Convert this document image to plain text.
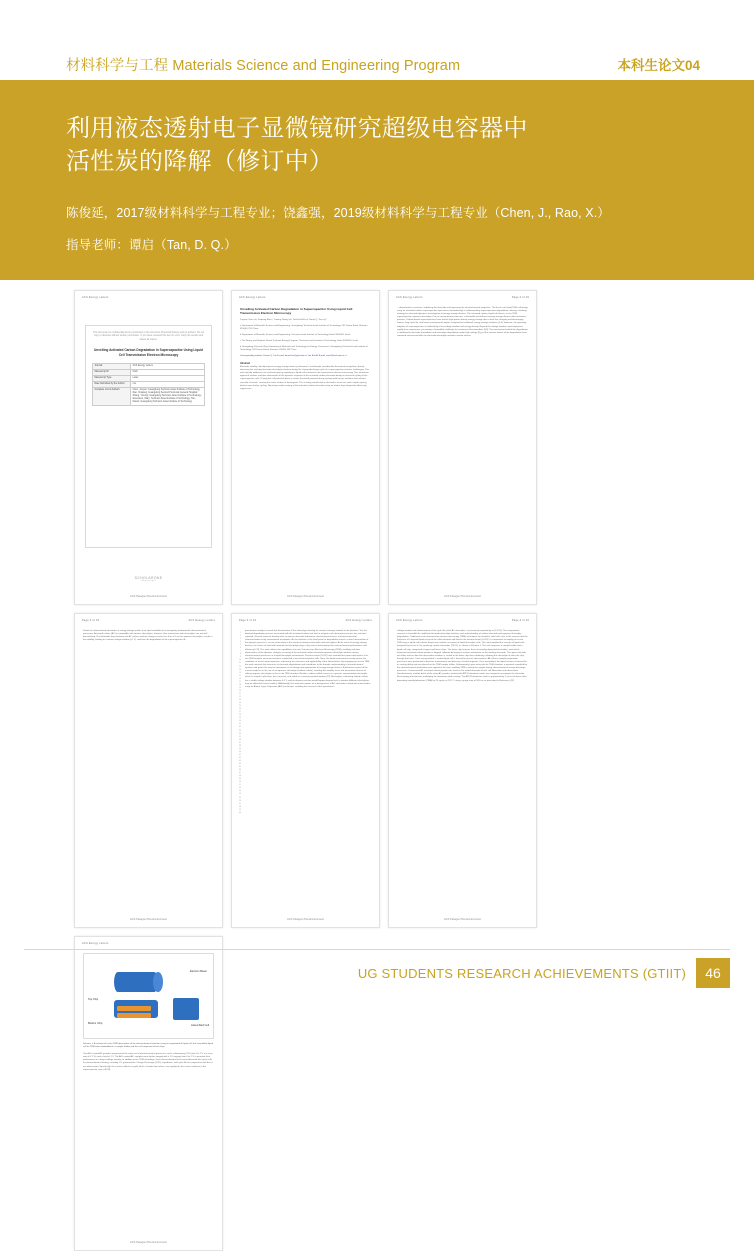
材料科学与工程 Materials Science and Engineering Program	本科生论文04
利用液态透射电子显微镜研究超级电容器中
活性炭的降解（修订中）
陈俊延，2017级材料科学与工程专业；饶鑫强，2019级材料科学与工程专业（Chen, J., Rao, X.）
指导老师：谭启（Tan, D. Q.）
ACS Energy Letters
This document is confidential and is proprietary to the American Chemical Society and its authors. Do not copy or disclose without written permission. If you have received this item in error, notify the sender and delete all copies.
Unveiling Activated Carbon Degradation in Supercapacitor Using Liquid Cell Transmission Electron Microscopy
Journal:	ACS Energy Letters
Manuscript ID	Draft
Manuscript Type:	Letter
Date Submitted by the Author:	n/a
Complete List of Authors:	Chen, Junyan; Guangdong Technion-Israel Institute of Technology, Rao, Xinqiang; Guangdong Second Provincial General Hospital; Zhang, Yuming; Guangdong Technion-Israel Institute of Technology; Eisenstein, Mary; Technion-Israel Institute of Technology; Tan, Daniel; Guangdong Technion-Israel Institute of Technology
SCHOLARONE
Manuscripts
ACS Paragon Plus Environment
ACS Energy Letters
Unveiling Activated Carbon Degradation in Supercapacitor Using Liquid Cell Transmission Electron Microscopy
Junyan Chen a,b, Xinqiang Rao c, Yuming Zhang a,b, Yael Ein-Eli b,d, Daniel Q. Tan a,b,*
a Department of Materials Science and Engineering, Guangdong Technion-Israel Institute of Technology, 241 Daxue Road, Shantou 515063, P.R China
b Department of Materials Science and Engineering, Technion-Israel Institute of Technology, Haifa 3200003, Israel
c The Nancy and Stephen Grand Technion Energy Program, Technion-Israel Institute of Technology, Haifa 3200003, Israel
d Guangdong Provincial Key Laboratory of Materials and Technology for Energy Conversion, Guangdong Technion-Israel Institute of Technology, 241 Daxue Road, Shantou 515063, PR China
Corresponding authors: Daniel Q. Tan E-mail: daniel.tan@gtiit.edu.cn Yair Ein-Eli E-mail: eineli@technion.ac.il
Abstract
Electrode stability critically impacts energy storage device performance, and despite considerable theoretical recognition, directly observing the evolving electrode-electrolyte interface during the charge-discharge cycle of a supercapacitor remains challenging. This work directly addresses the technical gap by employing a liquid cell-assisted in-situ transmission electron microscopy. This innovative approach realizes real-time observation of the dynamic response of the activated carbon electrode during an electrical cycling of the supercapacitor cells. Driving the cell potential above a certain threshold potential during cycling leads to gas evolution that initiates cascade of events, causing the active carbon to disintegrate. This is being manifested in electrode's mass loss and a rapid capacity decline upon further cycling. Nano-layer oxide coating of the activated carbon electrode using an atomic layer deposition effectively suppresses...
ACS Paragon Plus Environment
ACS Energy Letters	Page 2 of 19
...characteristics reactions, stabilizing the electrode and improving the electrochemical properties. The first in-situ liquid TEM cell design using an activated carbon supercapacitor represents a breakthrough in understanding supercapacitors degradation, offering a working strategy for electrode dynamics investigation of energy storage devices. The activated carbon, liquid cell device, in-situ TEM, supercapacitor, aqueous electrolyte. Due to environmental concerns, sustainable and efficient energy storage devices offer enormous promise. Carbon-based supercapacitors have led the high-power density energy storage due to their fast charging and discharging feature, long cycle life, and lower environmental impact compared to traditional energy storage solutions [1-3]. However, the operating adoption of supercapacitors is hindered by a low-voltage window and energy density. Beyond the voltage window, supercapacitors rapidly lose capacitance, presenting a formidable challenge for commercial functionalities [4,5]. The mechanism behind the degradation is attributed to electrode breakdown and electrolyte degradation under high voltage [6], yet the intricate details of the degradation have remained unassessed with the electrode-electrolyte interface remain elusive.
ACS Paragon Plus Environment
Page 3 of 19	ACS Energy Letters
Details of carbon-based electrodes in energy storage makes it an ideal candidate for investigating fundamental electrochemical processes. Activated carbon (AC) is compatible with various electrolytes, however, their interactions with electrolytes are not well documented. The Helmholtz layer between the AC surface and the charges can be less than 0.1 nm for aqueous electrolyte; results in low stability, leading to a narrow voltage window (<1 V), and thus the degradation of the supercapacitor. A...
ACS Paragon Plus Environment
Page 3 of 19	ACS Energy Letters
1
2
3
4
5
6
7
8
9
10
11
12
13
14
15
16
17
18
19
20
21
22
23
24
25
26
27
28
29
30
31
32
33
34
35
36
37
38
39
40
41
42
43
44
45
46
47
48
49
50
51
52
53
54
55
56
57
58
59
60
post-mortem analysis reveals the discoloration of the electrolyte showing its chemical change initiated at the interface. Yet, the detailed degradation process associated with the activated carbon and how to mitigate such destructive process has not been reported. General research heavily relies on porous electrode fabrication, electrochemical tests, and microstructural characterization using conventional techniques. As the interface is the focal point for degradation events, a direct observation of the dynamic process is crucial, particularly at the interface between electrodes and electrolytes. At the onset of energy storage devices, the choice of electrode material and electrolyte plays a key role in determining their electrochemical performance and efficiency [7-9]. This work utilizes the capabilities of in-situ Transmission Electron Microscopy (TEM), enabling real-time observations of the dynamic changes occurring at the activated carbon electrode-aqueous electrolyte interface during electrochemical processes in a liquid electrolyte environment. Previous works [10,11] have revealed the power and impact of in-situ TEM analysis and measurements conducted in wet electrochemical cells. Here, the liquid environment closely mirrors the conditions of actual supercapacitors, enhancing the relevance and applicability of the observations. By employing an in-situ TEM, this work unravels the intricacies of electrode degradation and contributes to the broader understanding of electrochemical systems and paves the way for innovations in the design and optimization of energy storage devices. A distinctive aspect of the current study lies in the use of an aqueous electrolyte (sodium sulfate), avoiding the volatility issue and associated concern of utilizing organic electrolytes in the in-situ TEM chamber. Besides, sodium sulfate serves as a generic representative electrolyte which is neutral in pH value, less corrosive, and stable in a normal potential window [12]. Electrolytes containing sodium sulfate has a stable voltage window between 0-1 V, and an obvious reaction would happen beyond such a window (different electrolytes may be utilized for future studies). Additionally, this work also reports on a designed set of AC electrodes coated with metal-oxides using an Atomic Layer Deposition (ALD) technique, enabling the increase of the operational...
ACS Paragon Plus Environment
ACS Energy Letters	Page 4 of 19
voltage window and enhancement of the cycle life of the AC electrodes, as previously reported by us [13-19]. This comparative research is favorable for stabilized electrode-electrolyte interface and understanding of carbon electrode and aqueous electrolyte degradation. Traditional in-situ transmission electron microscopy (TEM) techniques are limited to solid cells, due to the concern that the thickness of a layered liquid on top of the solid substrate will distract the electron beam [14-16]. It is imperative to employ an in-situ TEM using a liquid cell to delve deeper into realistic scenarios of liquid electrolyte cells. This work adopted the concept of liquid cells designed by Liao et al. for sputtering carbon electrodes [74-21], as shown in Scheme 1. The cell comprises a sample holder and a liquid cell chip, composed of upper and lower chips. The lower chip features three chemically deposited electrodes, onto which dispersed activated carbon powder is dripped, followed by drying to achieve adsorption on the working electrode. The upper chip with two holes and an ultra-thin observation window, is sealed to the lower chip after combining, allowing the electrolyte to enter the chip through the holes. Once encapsulated, a sealed liquid cell is formed for precise observations. All of these sample preparation processes were performed in dust-free environment and done by a trained engineer. Once assembled, the liquid cell was assessed for its sealing ability and was placed on the TEM sample holder. Subsequently, upon entry into the TEM chamber, a potential controlled by the electrochemical workstation was applied to the chip, enabling TEM to reveal the sample during electrochemical charge-discharge processes. Commercial AC activated carbon powder was used as the model electrode for the cell fabrication and observation. Simultaneously, another batch of the same AC powder, treated with Al2O3 aluminum oxide, was imaged to investigate the electrode life-changing mechanisms underlying the aluminum oxide coating. The Al2O3 aluminum oxide is approximately 2 nm in thickness after depositing trimethylaluminum (TMA) for 20 cycles at 120 °C using a purge time of 200 ms as described in Reference [22].
ACS Paragon Plus Environment
ACS Energy Letters
Electron Beam
Top Chip
Bottom Chip
Assembled Cell
Scheme 1. A scheme of in-situ TEM observation of the electrochemical reaction using an asymmetrical liquid cell: the assembled liquid cell for TEM when embedded in a sample holder and the cell composed of two chips.
Two ALD coated AC powders experienced the same set of electrochemical processes: cyclic voltammetry (CV) from 0 to 1 V at a scan rate of 0.1 V/s and a hold at 1 V. The ALD-coated AC samples were further imaged with a CV ranging from 0 to 2 V to examine their performance in a larger voltage window. In addition to the TEM recordings, three electrochemical tests were fabricated into cycle cells for electrochemical testing, including CV, galvanostatic Charge-Discharge (GCD), impedance, and cycle life for comparison with the in-situ observation. Specifically, the current collector in gold, which is better than others, was applied as the current collector in the supercapacitor coin cell [23].
ACS Paragon Plus Environment
UG STUDENTS RESEARCH ACHIEVEMENTS (GTIIT)	46
